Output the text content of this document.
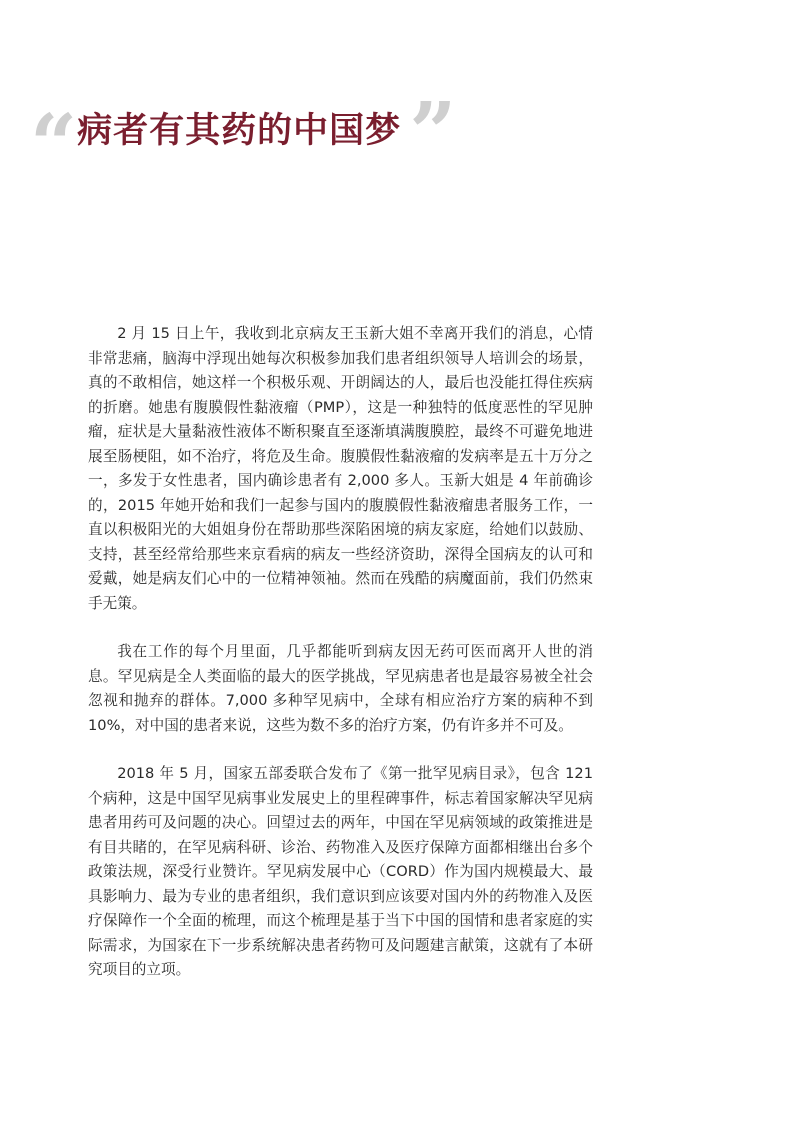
“ 病者有其药的中国梦 ”

2 月 15 日上午，我收到北京病友王玉新大姐不幸离开我们的消息，心情非常悲痛，脑海中浮现出她每次积极参加我们患者组织领导人培训会的场景，真的不敢相信，她这样一个积极乐观、开朗阔达的人，最后也没能扛得住疾病的折磨。她患有腹膜假性黏液瘤（PMP），这是一种独特的低度恶性的罕见肿瘤，症状是大量黏液性液体不断积聚直至逐渐填满腹膜腔，最终不可避免地进展至肠梗阻，如不治疗，将危及生命。腹膜假性黏液瘤的发病率是五十万分之一，多发于女性患者，国内确诊患者有 2,000 多人。玉新大姐是 4 年前确诊的，2015 年她开始和我们一起参与国内的腹膜假性黏液瘤患者服务工作，一直以积极阳光的大姐姐身份在帮助那些深陷困境的病友家庭，给她们以鼓励、支持，甚至经常给那些来京看病的病友一些经济资助，深得全国病友的认可和爱戴，她是病友们心中的一位精神领袖。然而在残酷的病魔面前，我们仍然束手无策。

我在工作的每个月里面，几乎都能听到病友因无药可医而离开人世的消息。罕见病是全人类面临的最大的医学挑战，罕见病患者也是最容易被全社会忽视和抛弃的群体。7,000 多种罕见病中，全球有相应治疗方案的病种不到 10%，对中国的患者来说，这些为数不多的治疗方案，仍有许多并不可及。

2018 年 5 月，国家五部委联合发布了《第一批罕见病目录》，包含 121 个病种，这是中国罕见病事业发展史上的里程碑事件，标志着国家解决罕见病患者用药可及问题的决心。回望过去的两年，中国在罕见病领域的政策推进是有目共睹的，在罕见病科研、诊治、药物准入及医疗保障方面都相继出台多个政策法规，深受行业赞许。罕见病发展中心（CORD）作为国内规模最大、最具影响力、最为专业的患者组织，我们意识到应该要对国内外的药物准入及医疗保障作一个全面的梳理，而这个梳理是基于当下中国的国情和患者家庭的实际需求，为国家在下一步系统解决患者药物可及问题建言献策，这就有了本研究项目的立项。
